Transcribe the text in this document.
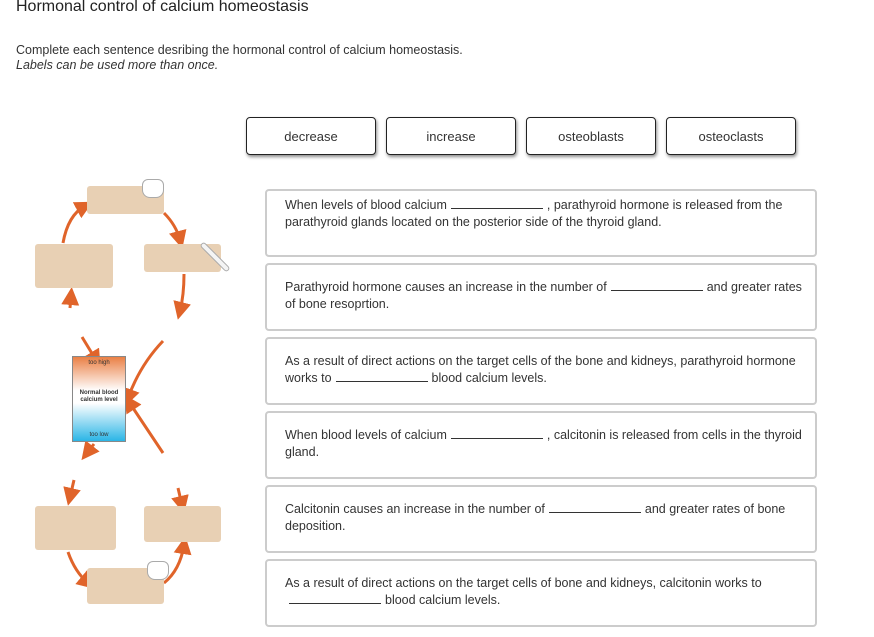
Hormonal control of calcium homeostasis
Complete each sentence desribing the hormonal control of calcium homeostasis.
Labels can be used more than once.
decrease	increase	osteoblasts	osteoclasts
too high
Normal blood calcium level
too low
When levels of blood calcium	, parathyroid hormone is released from the parathyroid glands located on the posterior side of the thyroid gland.
Parathyroid hormone causes an increase in the number of	and greater rates of bone resoprtion.
As a result of direct actions on the target cells of the bone and kidneys, parathyroid hormone works to	blood calcium levels.
When blood levels of calcium	, calcitonin is released from cells in the thyroid gland.
Calcitonin causes an increase in the number of	and greater rates of bone deposition.
As a result of direct actions on the target cells of bone and kidneys, calcitonin works toblood calcium levels.
